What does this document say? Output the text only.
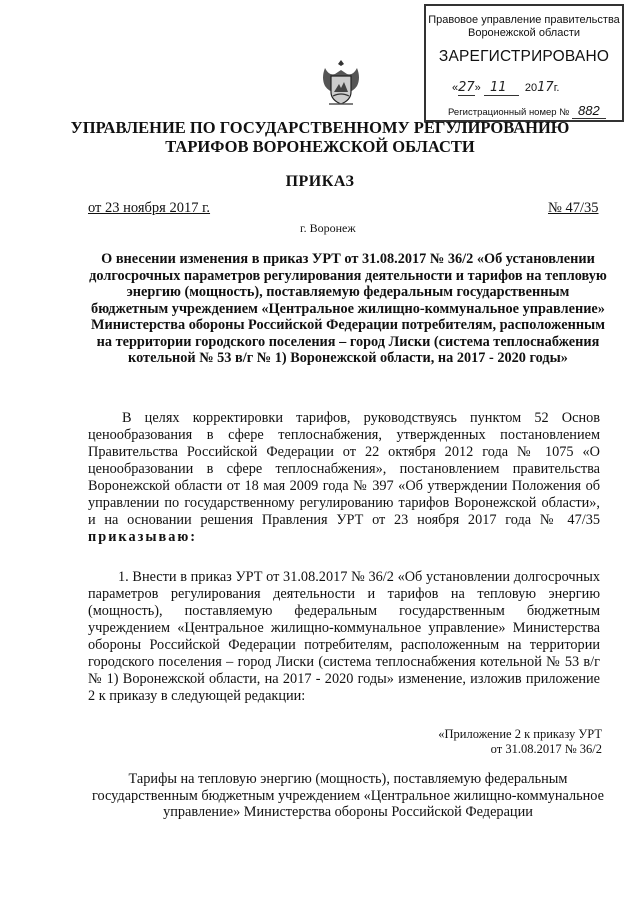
Правовое управление правительства
Воронежской области
ЗАРЕГИСТРИРОВАНО
«27»   11 2017г.
Регистрационный номер № 882
УПРАВЛЕНИЕ ПО ГОСУДАРСТВЕННОМУ РЕГУЛИРОВАНИЮ
ТАРИФОВ ВОРОНЕЖСКОЙ ОБЛАСТИ
ПРИКАЗ
от 23 ноября 2017 г.	№ 47/35
г. Воронеж
О внесении изменения в приказ УРТ от 31.08.2017 № 36/2 «Об установлении долгосрочных параметров регулирования деятельности и тарифов на тепловую энергию (мощность), поставляемую федеральным государственным бюджетным учреждением «Центральное жилищно-коммунальное управление» Министерства обороны Российской Федерации потребителям, расположенным на территории городского поселения – город Лиски (система теплоснабжения котельной № 53 в/г № 1) Воронежской области, на 2017 - 2020 годы»
В целях корректировки тарифов, руководствуясь пунктом 52 Основ ценообразования в сфере теплоснабжения, утвержденных постановлением Правительства Российской Федерации от 22 октября 2012 года № 1075 «О ценообразовании в сфере теплоснабжения», постановлением правительства Воронежской области от 18 мая 2009 года № 397 «Об утверждении Положения об управлении по государственному регулированию тарифов Воронежской области», и на основании решения Правления УРТ от 23 ноября 2017 года № 47/35 приказываю:
1. Внести в приказ УРТ от 31.08.2017 № 36/2 «Об установлении долгосрочных параметров регулирования деятельности и тарифов на тепловую энергию (мощность), поставляемую федеральным государственным бюджетным учреждением «Центральное жилищно-коммунальное управление» Министерства обороны Российской Федерации потребителям, расположенным на территории городского поселения – город Лиски (система теплоснабжения котельной № 53 в/г № 1) Воронежской области, на 2017 - 2020 годы» изменение, изложив приложение 2 к приказу в следующей редакции:
«Приложение 2 к приказу УРТ
от 31.08.2017 № 36/2
Тарифы на тепловую энергию (мощность), поставляемую федеральным государственным бюджетным учреждением «Центральное жилищно-коммунальное управление» Министерства обороны Российской Федерации
